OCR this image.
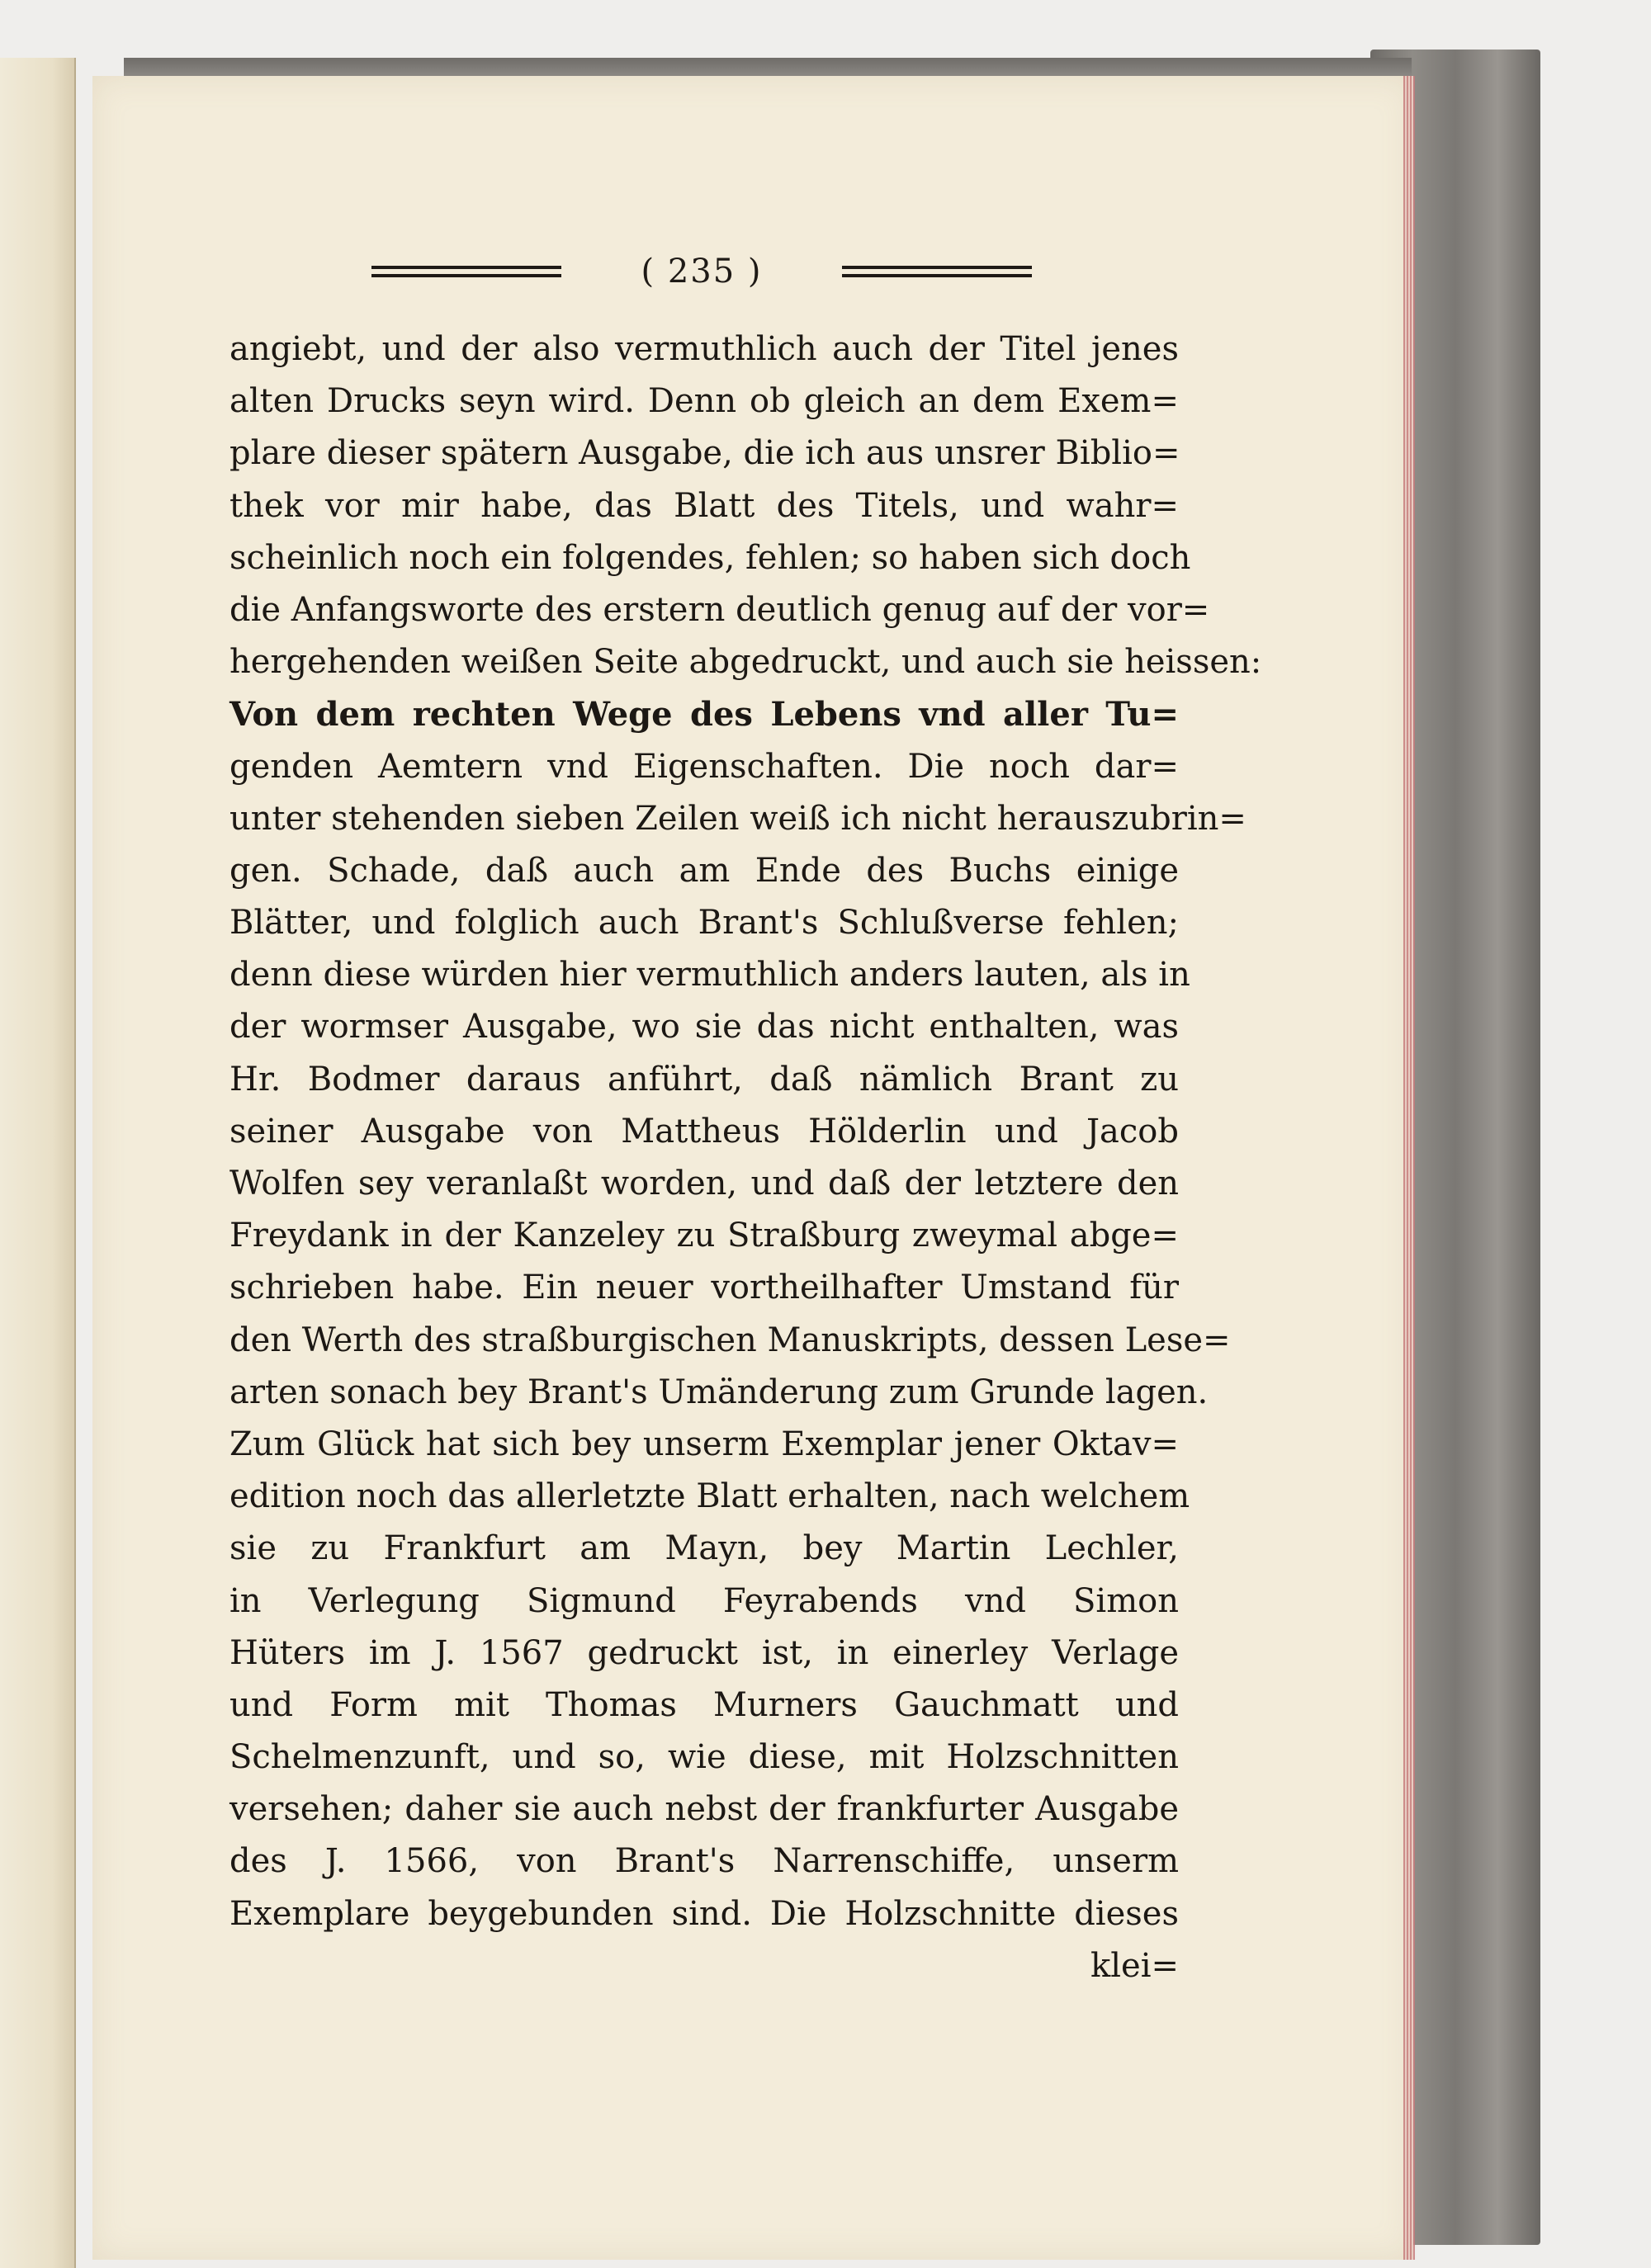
( 235 )
angiebt, und der also vermuthlich auch der Titel jenes
alten Drucks seyn wird. Denn ob gleich an dem Exem=
plare dieser spätern Ausgabe, die ich aus unsrer Biblio=
thek vor mir habe, das Blatt des Titels, und wahr=
scheinlich noch ein folgendes, fehlen; so haben sich doch
die Anfangsworte des erstern deutlich genug auf der vor=
hergehenden weißen Seite abgedruckt, und auch sie heissen:
Von dem rechten Wege des Lebens vnd aller Tu=
genden Aemtern vnd Eigenschaften. Die noch dar=
unter stehenden sieben Zeilen weiß ich nicht herauszubrin=
gen. Schade, daß auch am Ende des Buchs einige
Blätter, und folglich auch Brant's Schlußverse fehlen;
denn diese würden hier vermuthlich anders lauten, als in
der wormser Ausgabe, wo sie das nicht enthalten, was
Hr. Bodmer daraus anführt, daß nämlich Brant zu
seiner Ausgabe von Mattheus Hölderlin und Jacob
Wolfen sey veranlaßt worden, und daß der letztere den
Freydank in der Kanzeley zu Straßburg zweymal abge=
schrieben habe. Ein neuer vortheilhafter Umstand für
den Werth des straßburgischen Manuskripts, dessen Lese=
arten sonach bey Brant's Umänderung zum Grunde lagen.
Zum Glück hat sich bey unserm Exemplar jener Oktav=
edition noch das allerletzte Blatt erhalten, nach welchem
sie zu Frankfurt am Mayn, bey Martin Lechler,
in Verlegung Sigmund Feyrabends vnd Simon
Hüters im J. 1567 gedruckt ist, in einerley Verlage
und Form mit Thomas Murners Gauchmatt und
Schelmenzunft, und so, wie diese, mit Holzschnitten
versehen; daher sie auch nebst der frankfurter Ausgabe
des J. 1566, von Brant's Narrenschiffe, unserm
Exemplare beygebunden sind. Die Holzschnitte dieses
klei=
